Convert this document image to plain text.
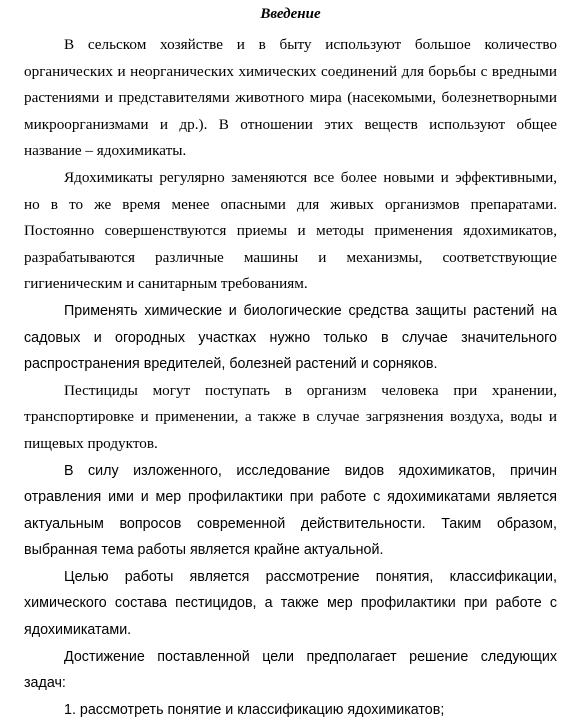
Введение

В сельском хозяйстве и в быту используют большое количество органических и неорганических химических соединений для борьбы с вредными растениями и представителями животного мира (насекомыми, болезнетворными микроорганизмами и др.). В отношении этих веществ используют общее название – ядохимикаты.

Ядохимикаты регулярно заменяются все более новыми и эффективными, но в то же время менее опасными для живых организмов препаратами. Постоянно совершенствуются приемы и методы применения ядохимикатов, разрабатываются различные машины и механизмы, соответствующие гигиеническим и санитарным требованиям.

Применять химические и биологические средства защиты растений на садовых и огородных участках нужно только в случае значительного распространения вредителей, болезней растений и сорняков.

Пестициды могут поступать в организм человека при хранении, транспортировке и применении, а также в случае загрязнения воздуха, воды и пищевых продуктов.

В силу изложенного, исследование видов ядохимикатов, причин отравления ими и мер профилактики при работе с ядохимикатами является актуальным вопросов современной действительности. Таким образом, выбранная тема работы является крайне актуальной.

Целью работы является рассмотрение понятия, классификации, химического состава пестицидов, а также мер профилактики при работе с ядохимикатами.

Достижение поставленной цели предполагает решение следующих задач:

1. рассмотреть понятие и классификацию ядохимикатов;
